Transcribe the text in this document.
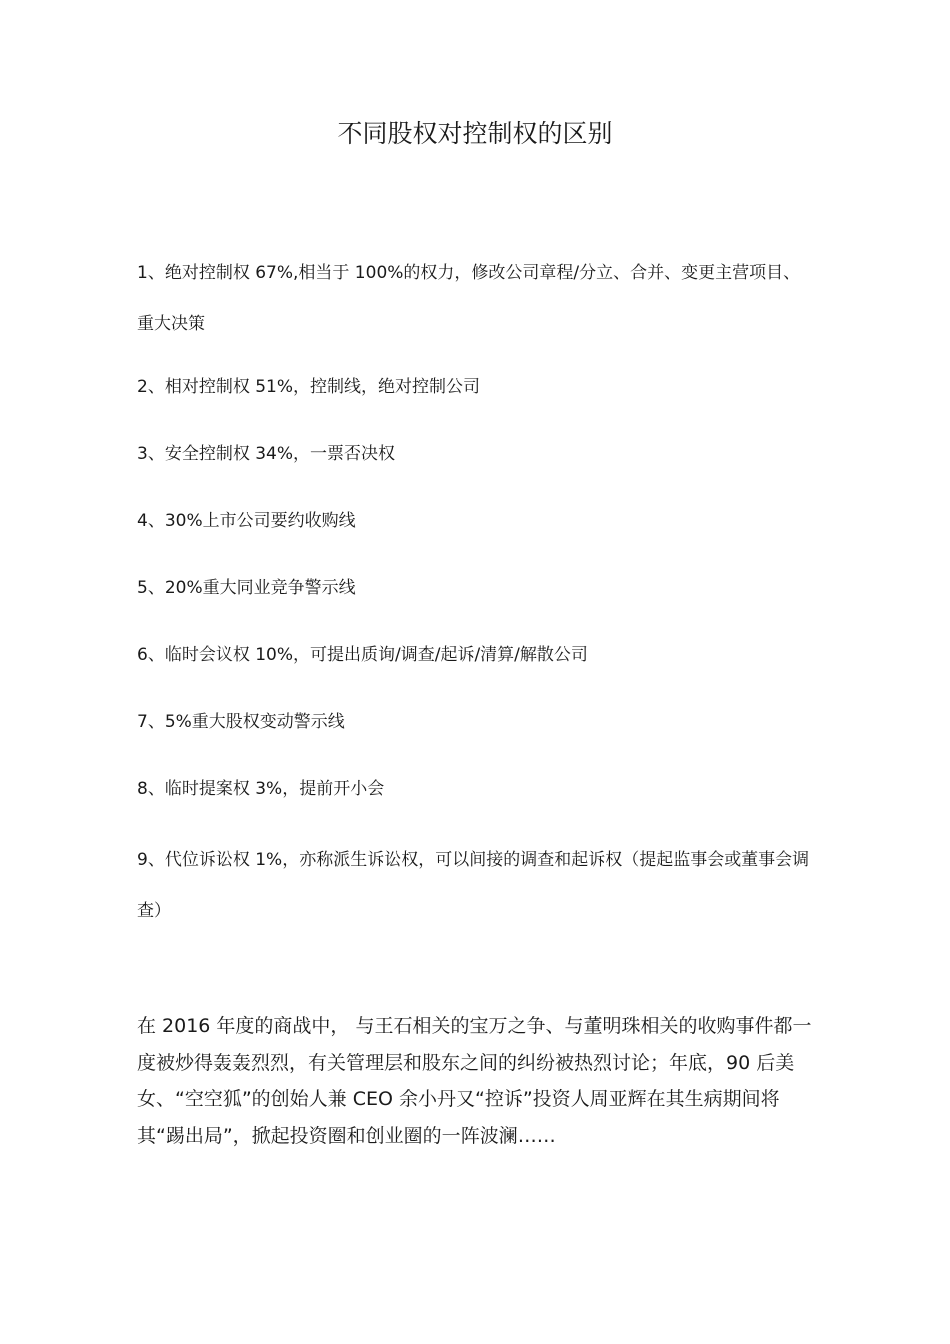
不同股权对控制权的区别
1、绝对控制权 67%,相当于 100%的权力，修改公司章程/分立、合并、变更主营项目、重大决策
2、相对控制权 51%，控制线，绝对控制公司
3、安全控制权 34%，一票否决权
4、30%上市公司要约收购线
5、20%重大同业竞争警示线
6、临时会议权 10%，可提出质询/调查/起诉/清算/解散公司
7、5%重大股权变动警示线
8、临时提案权 3%，提前开小会
9、代位诉讼权 1%，亦称派生诉讼权，可以间接的调查和起诉权（提起监事会或董事会调查）

在 2016 年度的商战中， 与王石相关的宝万之争、与董明珠相关的收购事件都一度被炒得轰轰烈烈，有关管理层和股东之间的纠纷被热烈讨论；年底，90 后美女、“空空狐”的创始人兼 CEO 余小丹又“控诉”投资人周亚辉在其生病期间将其“踢出局”，掀起投资圈和创业圈的一阵波澜……
